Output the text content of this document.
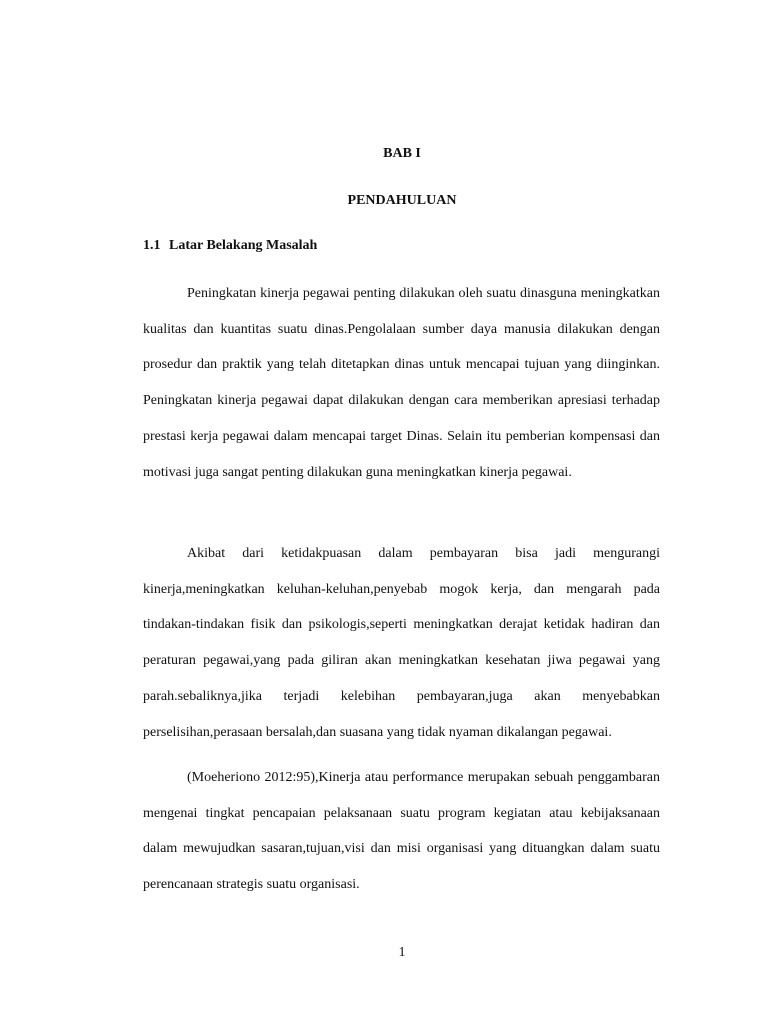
BAB I
PENDAHULUAN
1.1 Latar Belakang Masalah

Peningkatan kinerja pegawai penting dilakukan oleh suatu dinasguna meningkatkan kualitas dan kuantitas suatu dinas.Pengolalaan sumber daya manusia dilakukan dengan prosedur dan praktik yang telah ditetapkan dinas untuk mencapai tujuan yang diinginkan. Peningkatan kinerja pegawai dapat dilakukan dengan cara memberikan apresiasi terhadap prestasi kerja pegawai dalam mencapai target Dinas. Selain itu pemberian kompensasi dan motivasi juga sangat penting dilakukan guna meningkatkan kinerja pegawai.

Akibat dari ketidakpuasan dalam pembayaran bisa jadi mengurangi kinerja,meningkatkan keluhan-keluhan,penyebab mogok kerja, dan mengarah pada tindakan-tindakan fisik dan psikologis,seperti meningkatkan derajat ketidak hadiran dan peraturan pegawai,yang pada giliran akan meningkatkan kesehatan jiwa pegawai yang parah.sebaliknya,jika terjadi kelebihan pembayaran,juga akan menyebabkan perselisihan,perasaan bersalah,dan suasana yang tidak nyaman dikalangan pegawai.

(Moeheriono 2012:95),Kinerja atau performance merupakan sebuah penggambaran mengenai tingkat pencapaian pelaksanaan suatu program kegiatan atau kebijaksanaan dalam mewujudkan sasaran,tujuan,visi dan misi organisasi yang dituangkan dalam suatu perencanaan strategis suatu organisasi.

1
